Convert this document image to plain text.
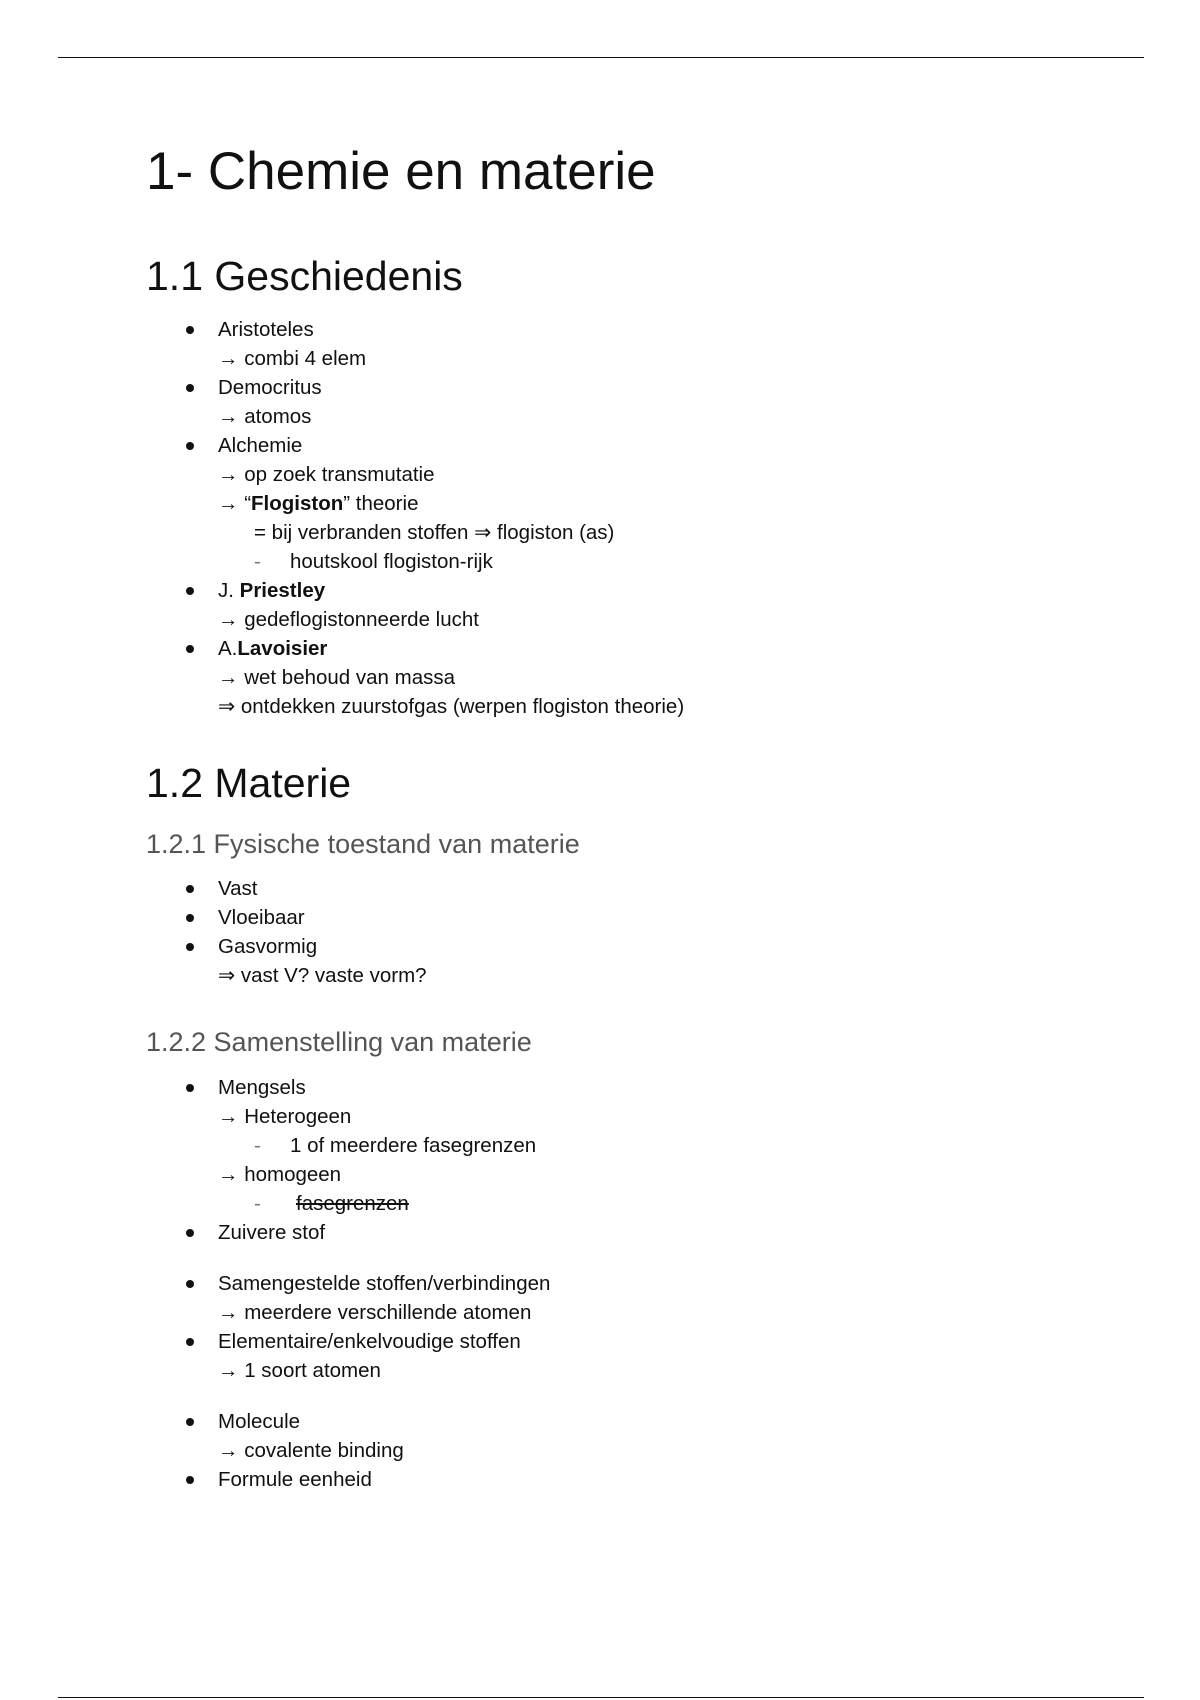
1- Chemie en materie
1.1 Geschiedenis
Aristoteles
→ combi 4 elem
Democritus
→ atomos
Alchemie
→ op zoek transmutatie
→ “Flogiston” theorie
= bij verbranden stoffen ⇒ flogiston (as)
- houtskool flogiston-rijk
J. Priestley
→ gedeflogistonneerde lucht
A.Lavoisier
→ wet behoud van massa
⇒ ontdekken zuurstofgas (werpen flogiston theorie)
1.2 Materie
1.2.1 Fysische toestand van materie
Vast
Vloeibaar
Gasvormig
⇒ vast V? vaste vorm?
1.2.2 Samenstelling van materie
Mengsels
→ Heterogeen
- 1 of meerdere fasegrenzen
→ homogeen
- fasegrenzen
Zuivere stof
Samengestelde stoffen/verbindingen
→ meerdere verschillende atomen
Elementaire/enkelvoudige stoffen
→ 1 soort atomen
Molecule
→ covalente binding
Formule eenheid
